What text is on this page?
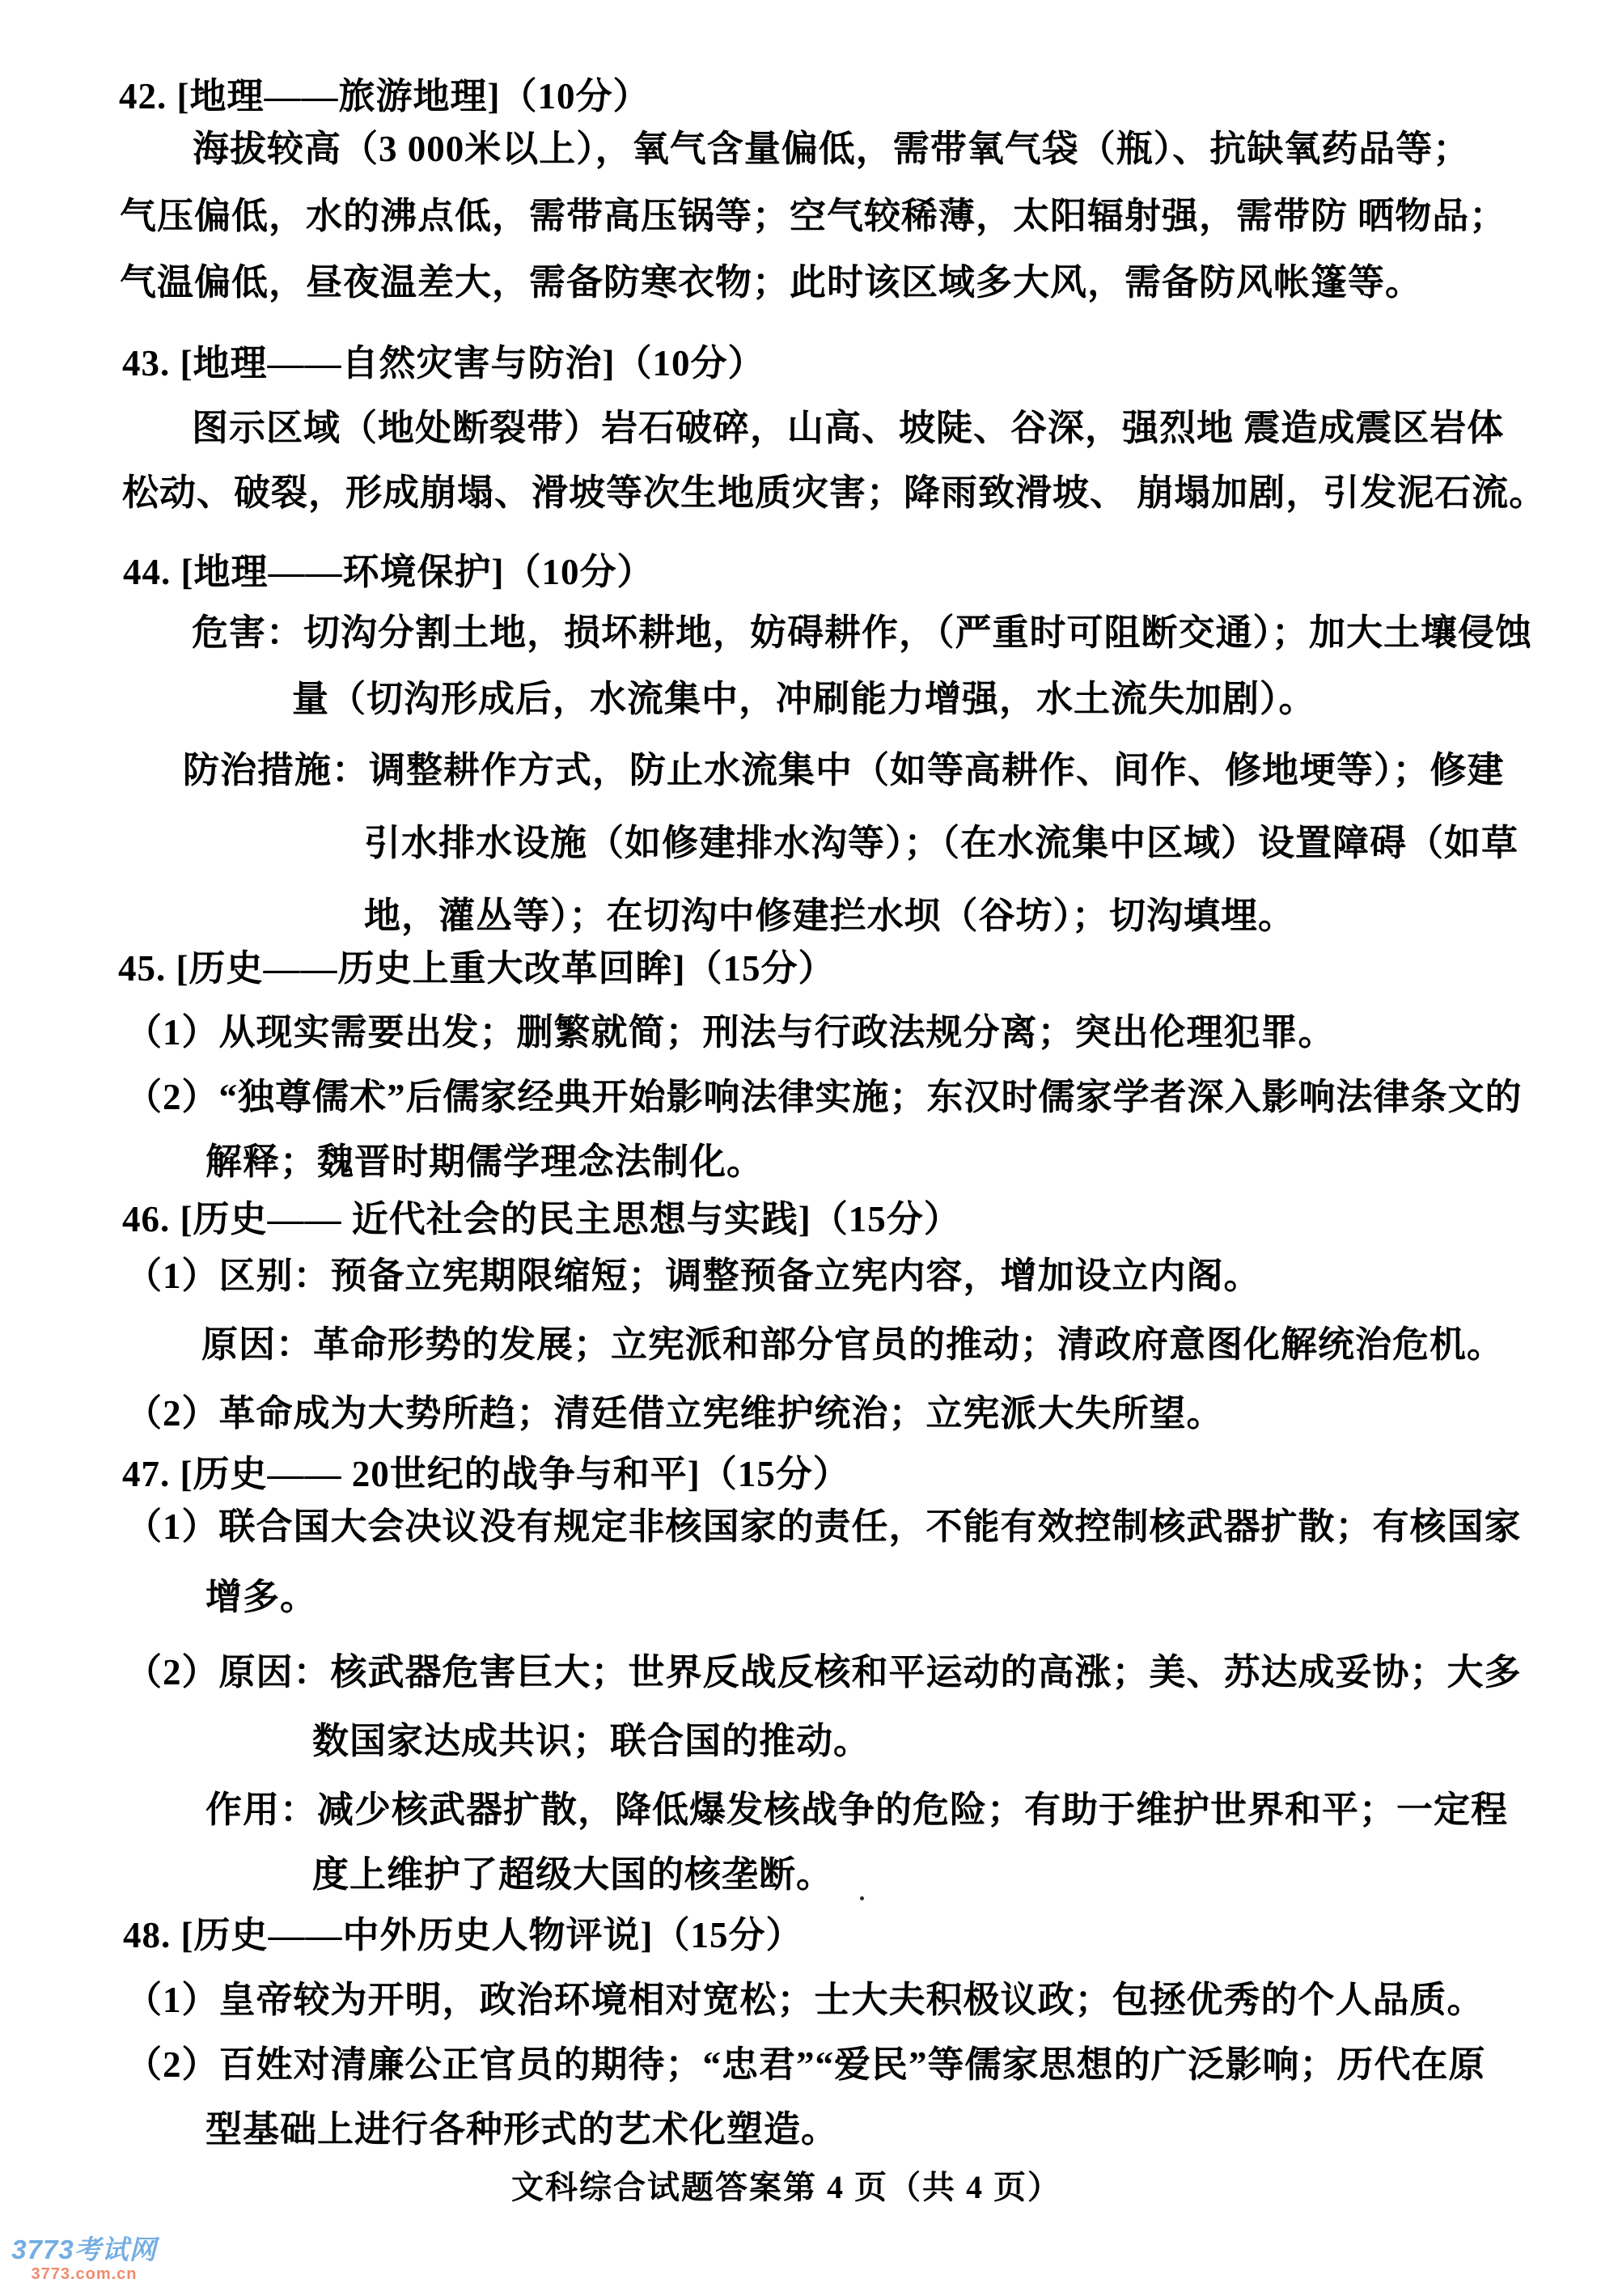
42. [地理——旅游地理]（10分）
海拔较高（3 000米以上），氧气含量偏低，需带氧气袋（瓶）、抗缺氧药品等；
气压偏低，水的沸点低，需带高压锅等；空气较稀薄，太阳辐射强，需带防 晒物品；
气温偏低，昼夜温差大，需备防寒衣物；此时该区域多大风，需备防风帐篷等。
43. [地理——自然灾害与防治]（10分）
图示区域（地处断裂带）岩石破碎，山高、坡陡、谷深，强烈地 震造成震区岩体
松动、破裂，形成崩塌、滑坡等次生地质灾害；降雨致滑坡、 崩塌加剧，引发泥石流。
44. [地理——环境保护]（10分）
危害：切沟分割土地，损坏耕地，妨碍耕作，（严重时可阻断交通）；加大土壤侵蚀
量（切沟形成后，水流集中，冲刷能力增强，水土流失加剧）。
防治措施：调整耕作方式，防止水流集中（如等高耕作、间作、修地埂等）；修建
引水排水设施（如修建排水沟等）；（在水流集中区域）设置障碍（如草
地，灌丛等）；在切沟中修建拦水坝（谷坊）；切沟填埋。
45. [历史——历史上重大改革回眸]（15分）
（1）从现实需要出发；删繁就简；刑法与行政法规分离；突出伦理犯罪。
（2）“独尊儒术”后儒家经典开始影响法律实施；东汉时儒家学者深入影响法律条文的
解释；魏晋时期儒学理念法制化。
46. [历史—— 近代社会的民主思想与实践]（15分）
（1）区别：预备立宪期限缩短；调整预备立宪内容，增加设立内阁。
原因：革命形势的发展；立宪派和部分官员的推动；清政府意图化解统治危机。
（2）革命成为大势所趋；清廷借立宪维护统治；立宪派大失所望。
47. [历史—— 20世纪的战争与和平]（15分）
（1）联合国大会决议没有规定非核国家的责任，不能有效控制核武器扩散；有核国家
增多。
（2）原因：核武器危害巨大；世界反战反核和平运动的高涨；美、苏达成妥协；大多
数国家达成共识；联合国的推动。
作用：减少核武器扩散，降低爆发核战争的危险；有助于维护世界和平；一定程
度上维护了超级大国的核垄断。
48. [历史——中外历史人物评说]（15分）
（1）皇帝较为开明，政治环境相对宽松；士大夫积极议政；包拯优秀的个人品质。
（2）百姓对清廉公正官员的期待；“忠君”“爱民”等儒家思想的广泛影响；历代在原
型基础上进行各种形式的艺术化塑造。
文科综合试题答案第 4 页（共 4 页）
3773考试网
3773.com.cn
